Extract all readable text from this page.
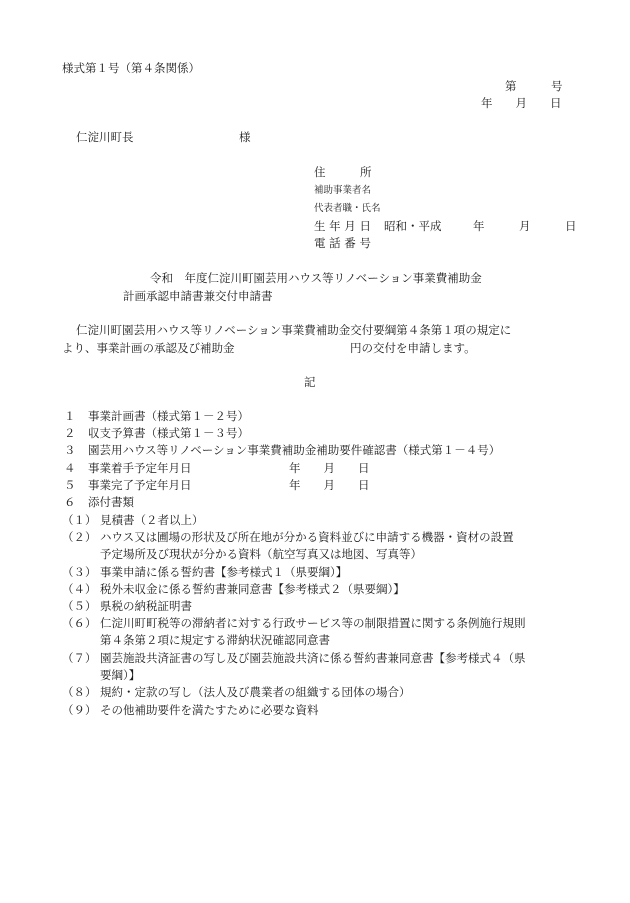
様式第１号（第４条関係）
第　　　号
年　　月　　日
仁淀川町長	様
住　　　所
補助事業者名
代表者職・氏名
生 年 月 日 昭和・平成	年　　　月　　　日
電 話 番 号
令和　年度仁淀川町園芸用ハウス等リノベーション事業費補助金
計画承認申請書兼交付申請書
仁淀川町園芸用ハウス等リノベーション事業費補助金交付要綱第４条第１項の規定に
より、事業計画の承認及び補助金	円の交付を申請します。
記
１ 事業計画書（様式第１－２号）
２ 収支予算書（様式第１－３号）
３ 園芸用ハウス等リノベーション事業費補助金補助要件確認書（様式第１－４号）
４ 事業着手予定年月日	年　　月　　日
５ 事業完了予定年月日	年　　月　　日
６ 添付書類
（１） 見積書（２者以上）
（２） ハウス又は圃場の形状及び所在地が分かる資料並びに申請する機器・資材の設置
予定場所及び現状が分かる資料（航空写真又は地図、写真等）
（３） 事業申請に係る誓約書【参考様式１（県要綱）】
（４） 税外未収金に係る誓約書兼同意書【参考様式２（県要綱）】
（５） 県税の納税証明書
（６） 仁淀川町町税等の滞納者に対する行政サービス等の制限措置に関する条例施行規則
第４条第２項に規定する滞納状況確認同意書
（７） 園芸施設共済証書の写し及び園芸施設共済に係る誓約書兼同意書【参考様式４（県
要綱）】
（８） 規約・定款の写し（法人及び農業者の組織する団体の場合）
（９） その他補助要件を満たすために必要な資料
